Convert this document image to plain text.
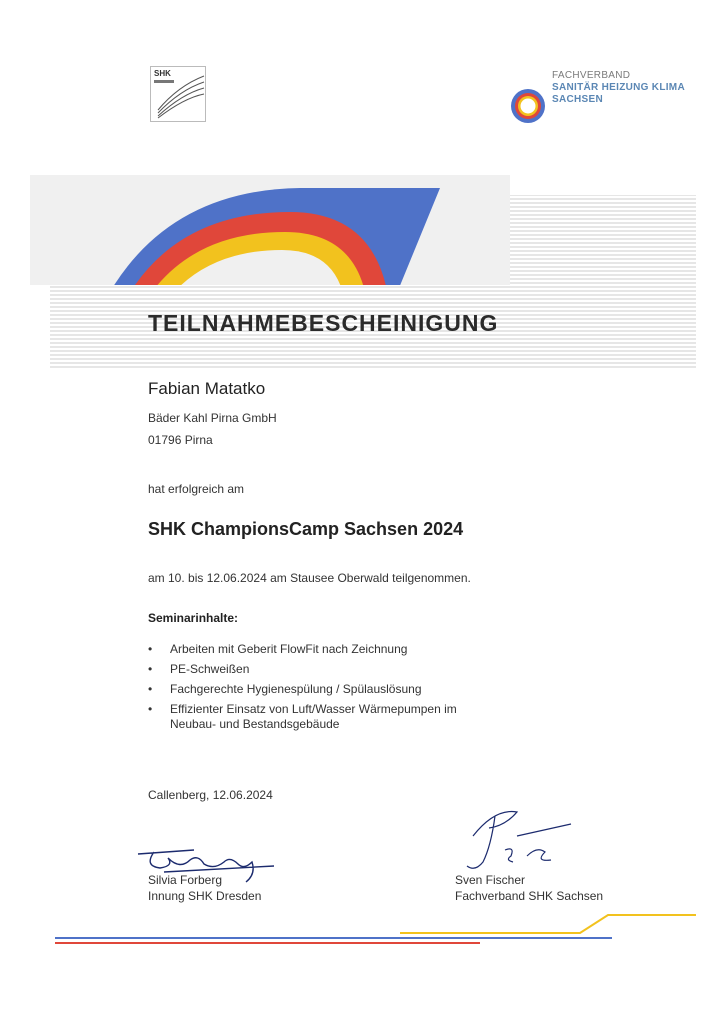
SHK	FACHVERBAND
SANITÄR HEIZUNG KLIMA
SACHSEN
TEILNAHMEBESCHEINIGUNG
Fabian Matatko
Bäder Kahl Pirna GmbH
01796 Pirna
hat erfolgreich am
SHK ChampionsCamp Sachsen 2024
am 10. bis 12.06.2024 am Stausee Oberwald teilgenommen.
Seminarinhalte:
• Arbeiten mit Geberit FlowFit nach Zeichnung
• PE-Schweißen
• Fachgerechte Hygienespülung / Spülauslösung
• Effizienter Einsatz von Luft/Wasser Wärmepumpen im Neubau- und Bestandsgebäude
Callenberg, 12.06.2024
Silvia Forberg
Innung SHK Dresden
Sven Fischer
Fachverband SHK Sachsen
